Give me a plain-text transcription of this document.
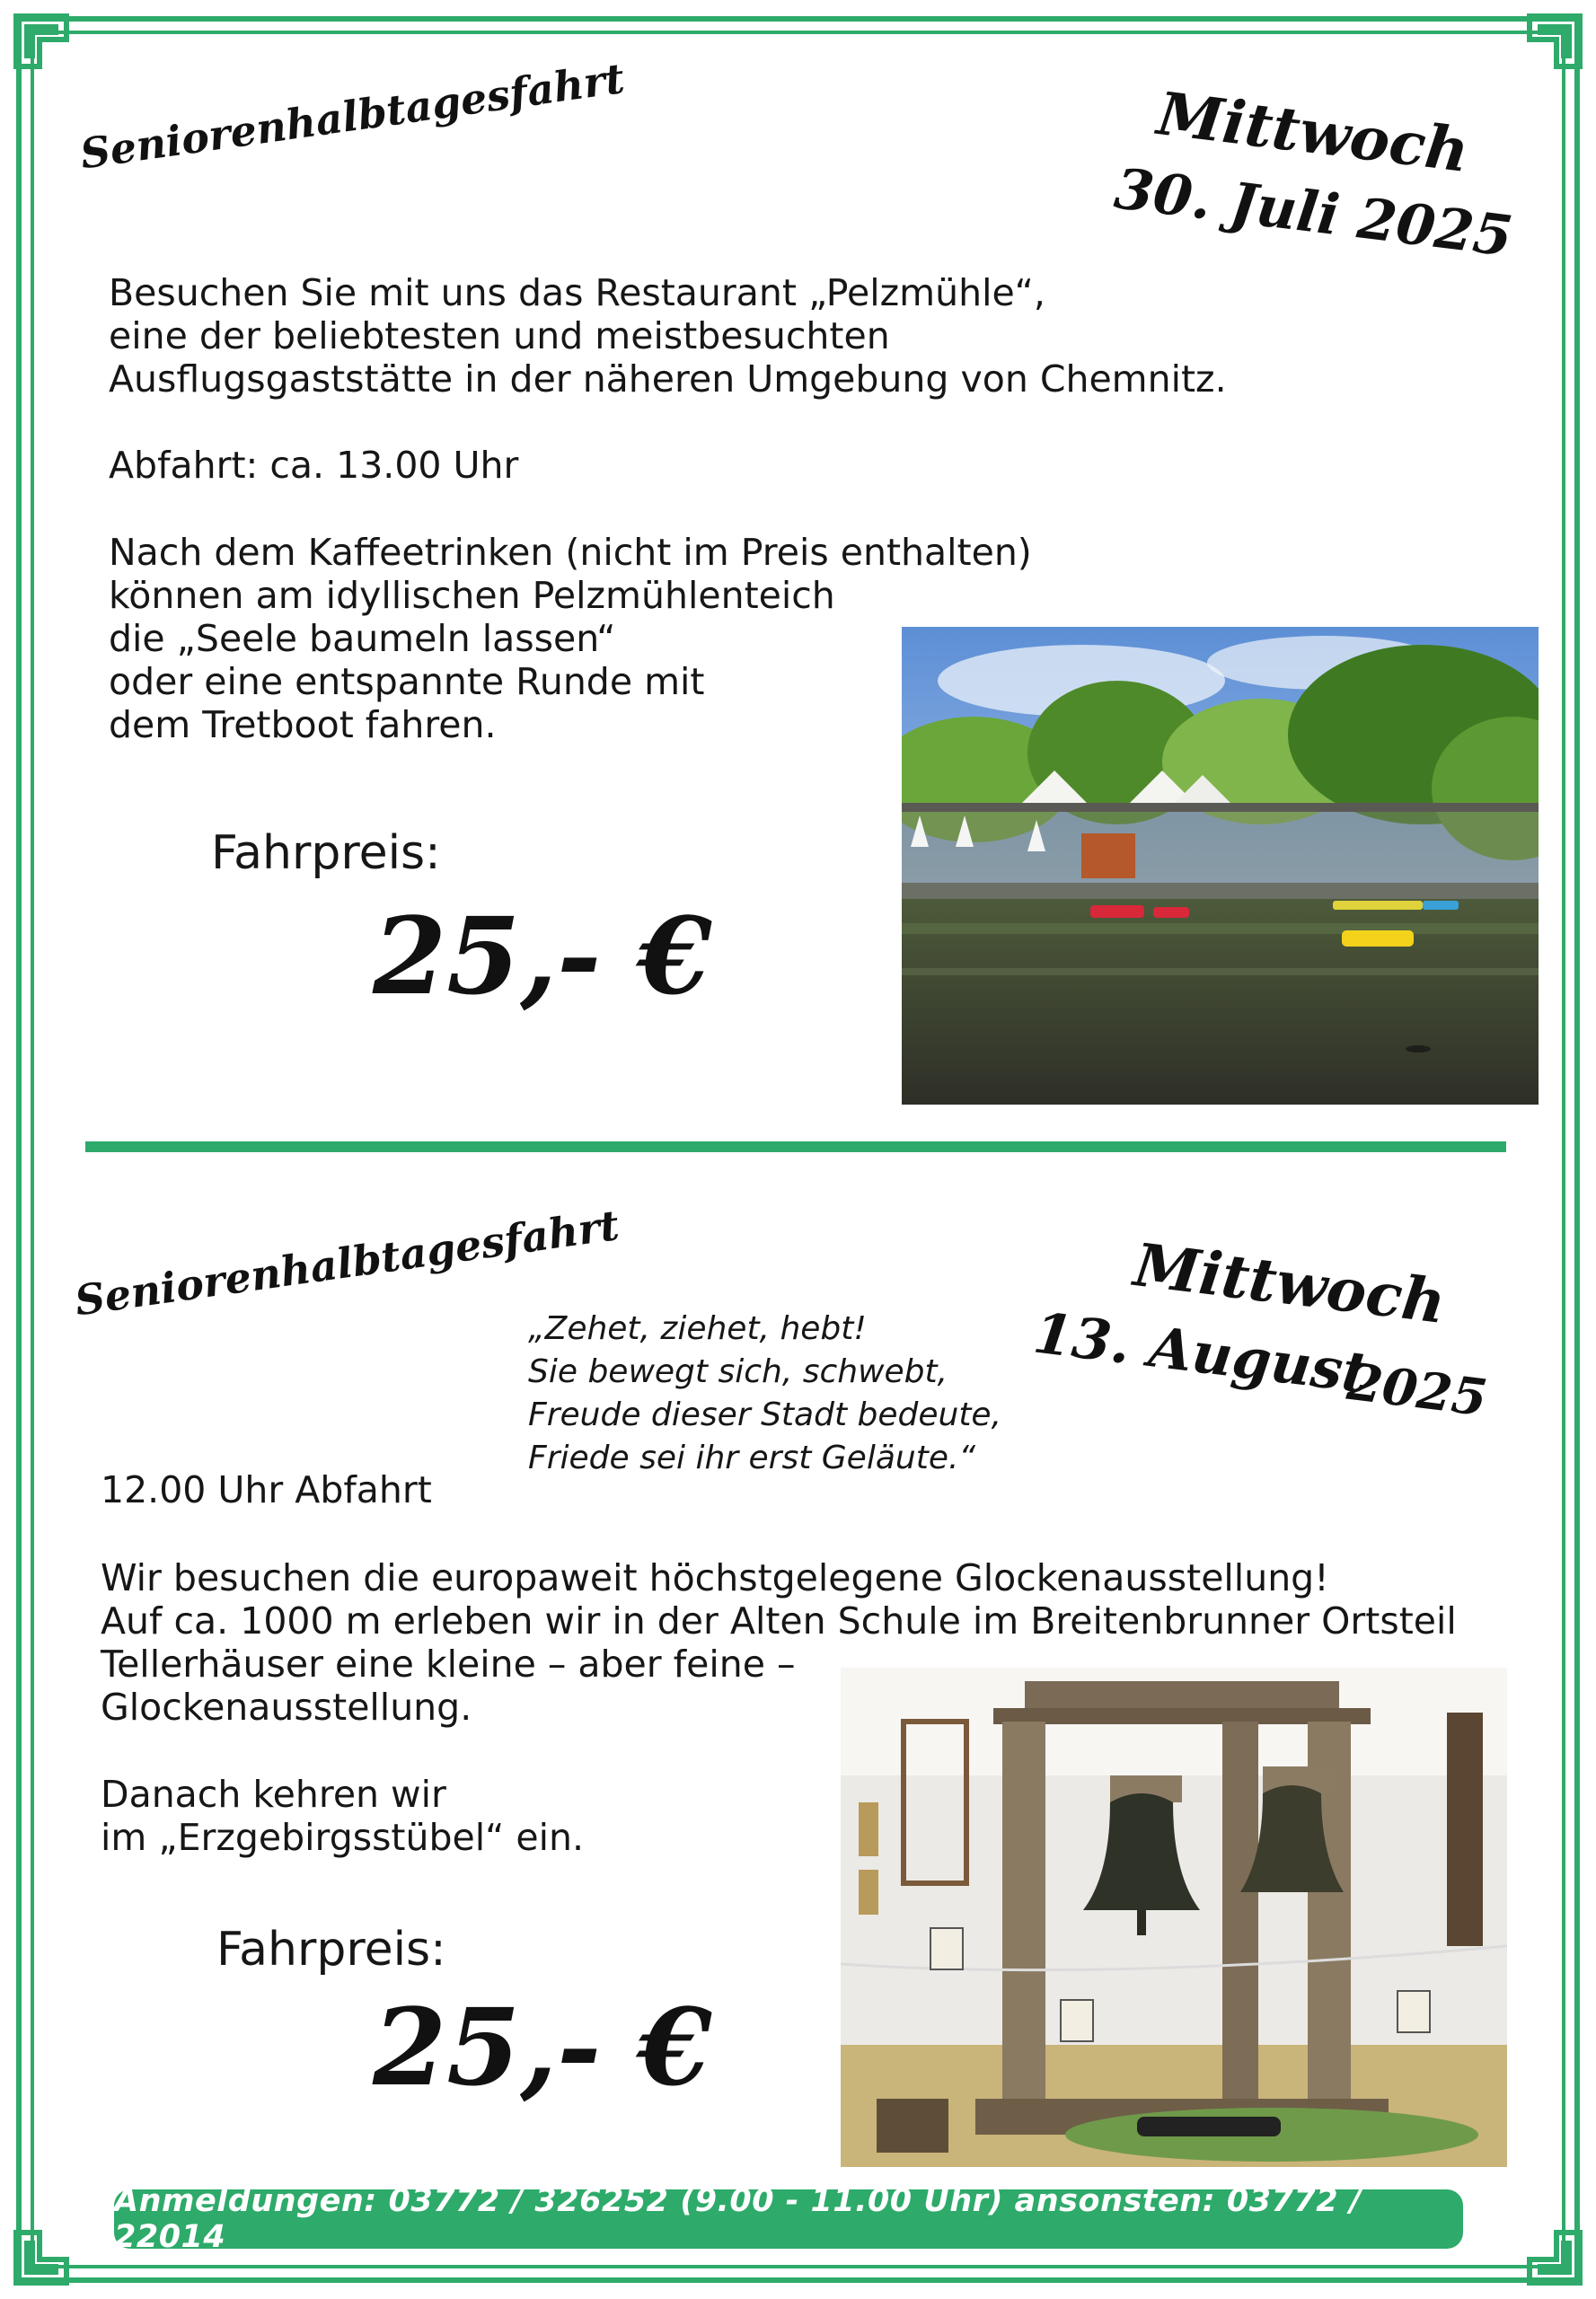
Seniorenhalbtagesfahrt	Mittwoch
30. Juli 2025
Besuchen Sie mit uns das Restaurant „Pelzmühle“,
eine der beliebtesten und meistbesuchten
Ausflugsgaststätte in der näheren Umgebung von Chemnitz.
Abfahrt: ca. 13.00 Uhr
Nach dem Kaffeetrinken (nicht im Preis enthalten)
können am idyllischen Pelzmühlenteich
die „Seele baumeln lassen“
oder eine entspannte Runde mit
dem Tretboot fahren.
Fahrpreis:
25,- €
Seniorenhalbtagesfahrt	Mittwoch
13. August
2025
„Zehet, ziehet, hebt!
Sie bewegt sich, schwebt,
Freude dieser Stadt bedeute,
Friede sei ihr erst Geläute.“
12.00 Uhr Abfahrt
Wir besuchen die europaweit höchstgelegene Glockenausstellung!
Auf ca. 1000 m erleben wir in der Alten Schule im Breitenbrunner Ortsteil
Tellerhäuser eine kleine – aber feine –
Glockenausstellung.
Danach kehren wir
im „Erzgebirgsstübel“ ein.
Fahrpreis:
25,- €
Anmeldungen: 03772 / 326252 (9.00 - 11.00 Uhr) ansonsten: 03772 / 22014
